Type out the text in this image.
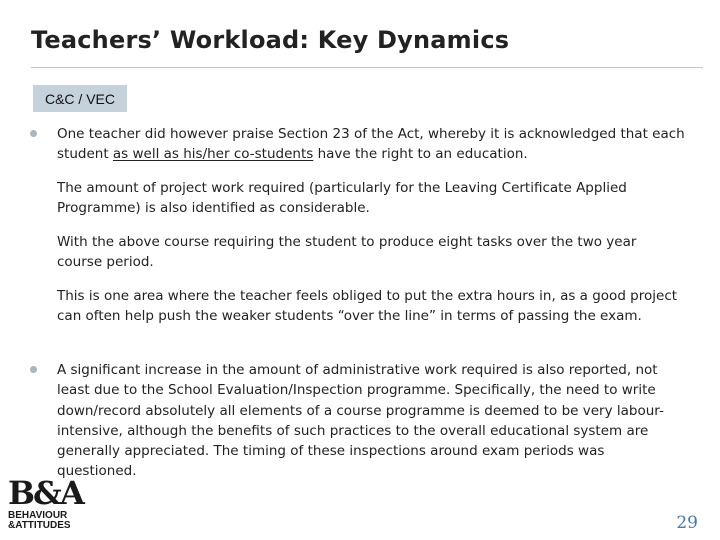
Teachers’ Workload: Key Dynamics
C&C / VEC
One teacher did however praise Section 23 of the Act, whereby it is acknowledged that each student as well as his/her co-students have the right to an education.
The amount of project work required (particularly for the Leaving Certificate Applied Programme) is also identified as considerable.
With the above course requiring the student to produce eight tasks over the two year course period.
This is one area where the teacher feels obliged to put the extra hours in, as a good project can often help push the weaker students “over the line” in terms of passing the exam.
A significant increase in the amount of administrative work required is also reported, not least due to the School Evaluation/Inspection programme. Specifically, the need to write down/record absolutely all elements of a course programme is deemed to be very labour-intensive, although the benefits of such practices to the overall educational system are generally appreciated. The timing of these inspections around exam periods was questioned.
B&A
BEHAVIOUR
&ATTITUDES	29
